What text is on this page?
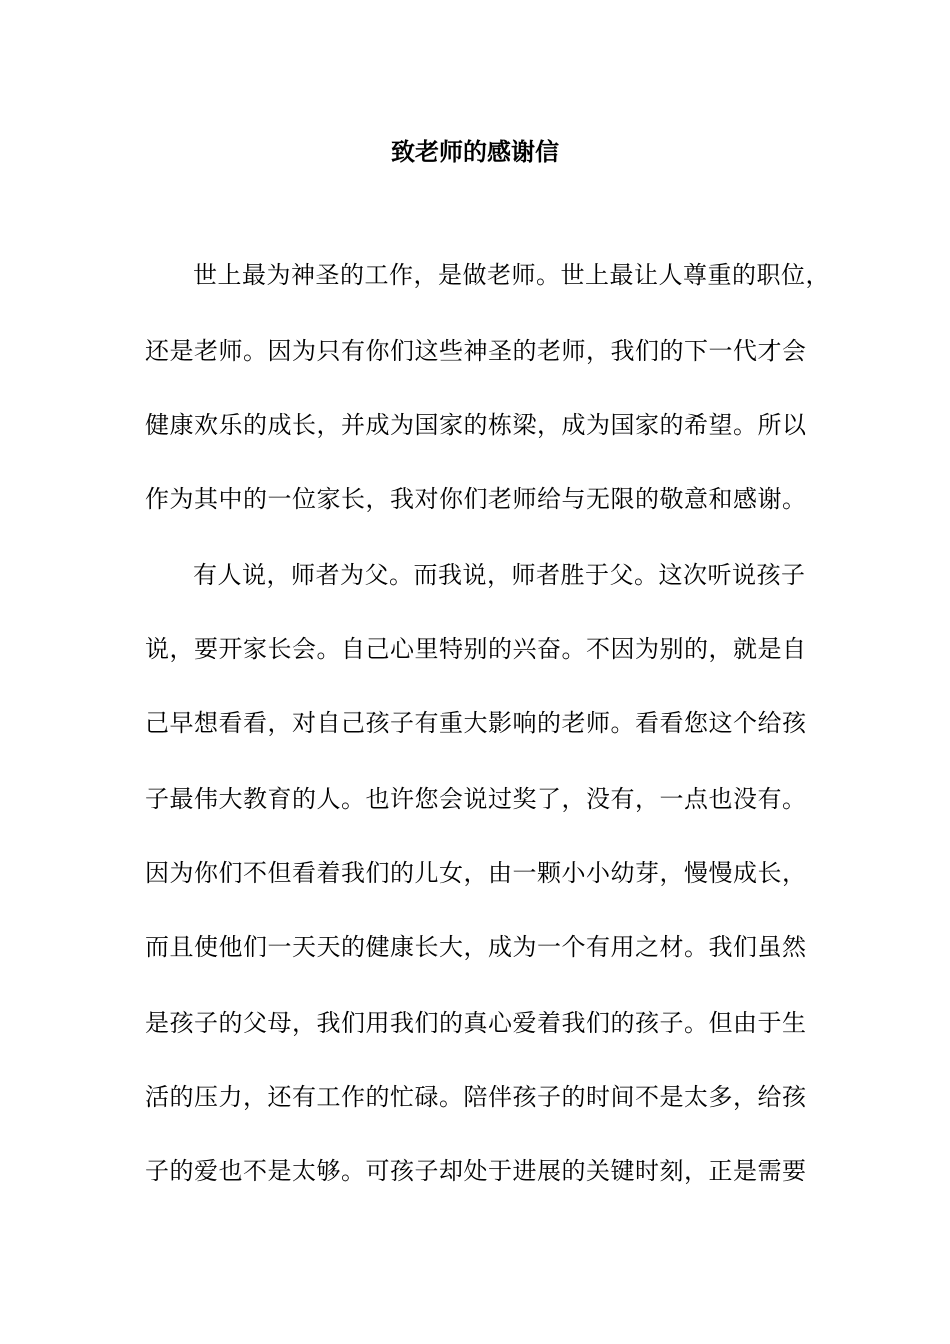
致老师的感谢信
世上最为神圣的工作，是做老师。世上最让人尊重的职位，
还是老师。因为只有你们这些神圣的老师，我们的下一代才会
健康欢乐的成长，并成为国家的栋梁，成为国家的希望。所以
作为其中的一位家长，我对你们老师给与无限的敬意和感谢。
有人说，师者为父。而我说，师者胜于父。这次听说孩子
说，要开家长会。自己心里特别的兴奋。不因为别的，就是自
己早想看看，对自己孩子有重大影响的老师。看看您这个给孩
子最伟大教育的人。也许您会说过奖了，没有，一点也没有。
因为你们不但看着我们的儿女，由一颗小小幼芽，慢慢成长，
而且使他们一天天的健康长大，成为一个有用之材。我们虽然
是孩子的父母，我们用我们的真心爱着我们的孩子。但由于生
活的压力，还有工作的忙碌。陪伴孩子的时间不是太多，给孩
子的爱也不是太够。可孩子却处于进展的关键时刻，正是需要
